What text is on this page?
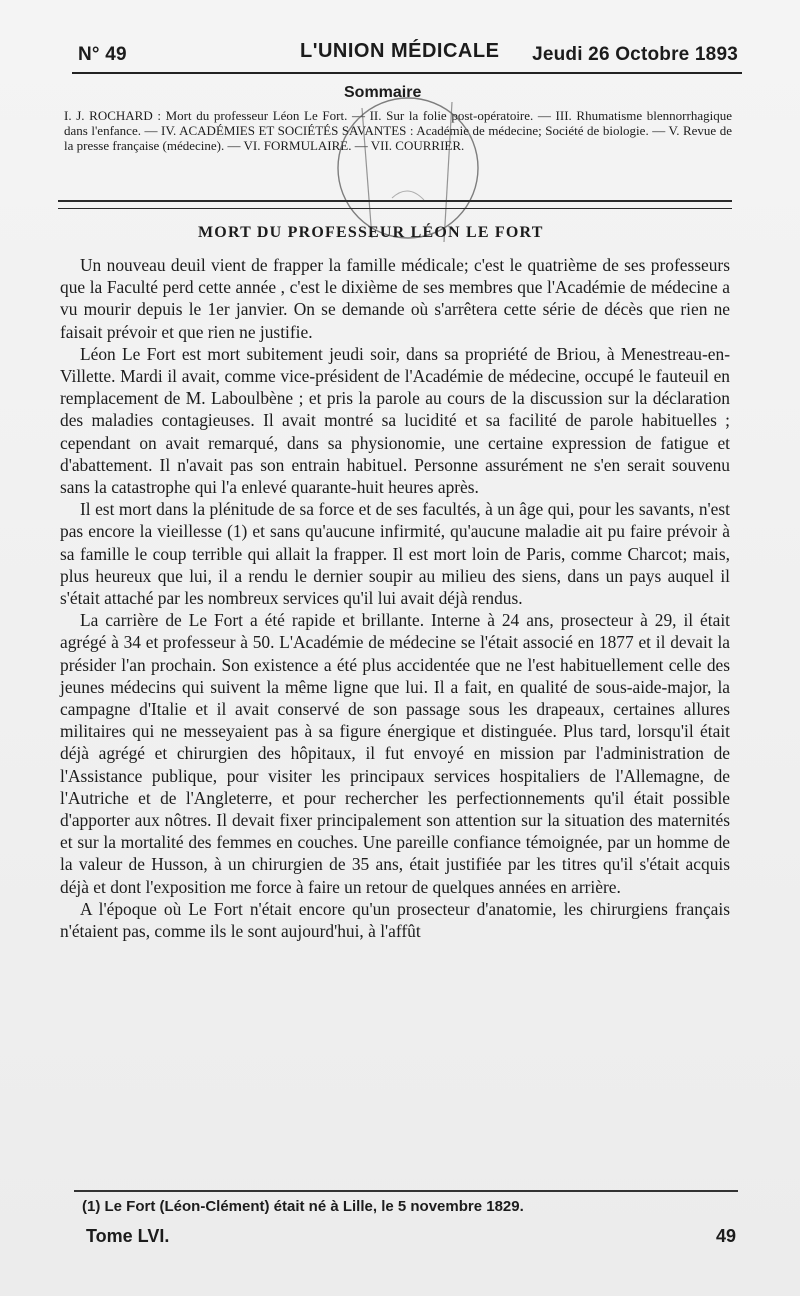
N° 49	L'UNION MÉDICALE Jeudi 26 Octobre 1893
Sommaire
I. J. ROCHARD : Mort du professeur Léon Le Fort. — II. Sur la folie post-opératoire. — III. Rhumatisme blennorrhagique dans l'enfance. — IV. ACADÉMIES ET SOCIÉTÉS SAVANTES : Académie de médecine; Société de biologie. — V. Revue de la presse française (médecine). — VI. FORMULAIRE. — VII. COURRIER.
MORT DU PROFESSEUR LÉON LE FORT

Un nouveau deuil vient de frapper la famille médicale; c'est le quatrième de ses professeurs que la Faculté perd cette année , c'est le dixième de ses membres que l'Académie de médecine a vu mourir depuis le 1er janvier. On se demande où s'arrêtera cette série de décès que rien ne faisait prévoir et que rien ne justifie.

Léon Le Fort est mort subitement jeudi soir, dans sa propriété de Briou, à Menestreau-en-Villette. Mardi il avait, comme vice-président de l'Académie de médecine, occupé le fauteuil en remplacement de M. Laboulbène ; et pris la parole au cours de la discussion sur la déclaration des maladies contagieuses. Il avait montré sa lucidité et sa facilité de parole habituelles ; cependant on avait remarqué, dans sa physionomie, une certaine expression de fatigue et d'abattement. Il n'avait pas son entrain habituel. Personne assurément ne s'en serait souvenu sans la catastrophe qui l'a enlevé quarante-huit heures après.

Il est mort dans la plénitude de sa force et de ses facultés, à un âge qui, pour les savants, n'est pas encore la vieillesse (1) et sans qu'aucune infirmité, qu'aucune maladie ait pu faire prévoir à sa famille le coup terrible qui allait la frapper. Il est mort loin de Paris, comme Charcot; mais, plus heureux que lui, il a rendu le dernier soupir au milieu des siens, dans un pays auquel il s'était attaché par les nombreux services qu'il lui avait déjà rendus.

La carrière de Le Fort a été rapide et brillante. Interne à 24 ans, prosecteur à 29, il était agrégé à 34 et professeur à 50. L'Académie de médecine se l'était associé en 1877 et il devait la présider l'an prochain. Son existence a été plus accidentée que ne l'est habituellement celle des jeunes médecins qui suivent la même ligne que lui. Il a fait, en qualité de sous-aide-major, la campagne d'Italie et il avait conservé de son passage sous les drapeaux, certaines allures militaires qui ne messeyaient pas à sa figure énergique et distinguée. Plus tard, lorsqu'il était déjà agrégé et chirurgien des hôpitaux, il fut envoyé en mission par l'administration de l'Assistance publique, pour visiter les principaux services hospitaliers de l'Allemagne, de l'Autriche et de l'Angleterre, et pour rechercher les perfectionnements qu'il était possible d'apporter aux nôtres. Il devait fixer principalement son attention sur la situation des maternités et sur la mortalité des femmes en couches. Une pareille confiance témoignée, par un homme de la valeur de Husson, à un chirurgien de 35 ans, était justifiée par les titres qu'il s'était acquis déjà et dont l'exposition me force à faire un retour de quelques années en arrière.

A l'époque où Le Fort n'était encore qu'un prosecteur d'anatomie, les chirurgiens français n'étaient pas, comme ils le sont aujourd'hui, à l'affût

(1) Le Fort (Léon-Clément) était né à Lille, le 5 novembre 1829.
Tome LVI.	49
